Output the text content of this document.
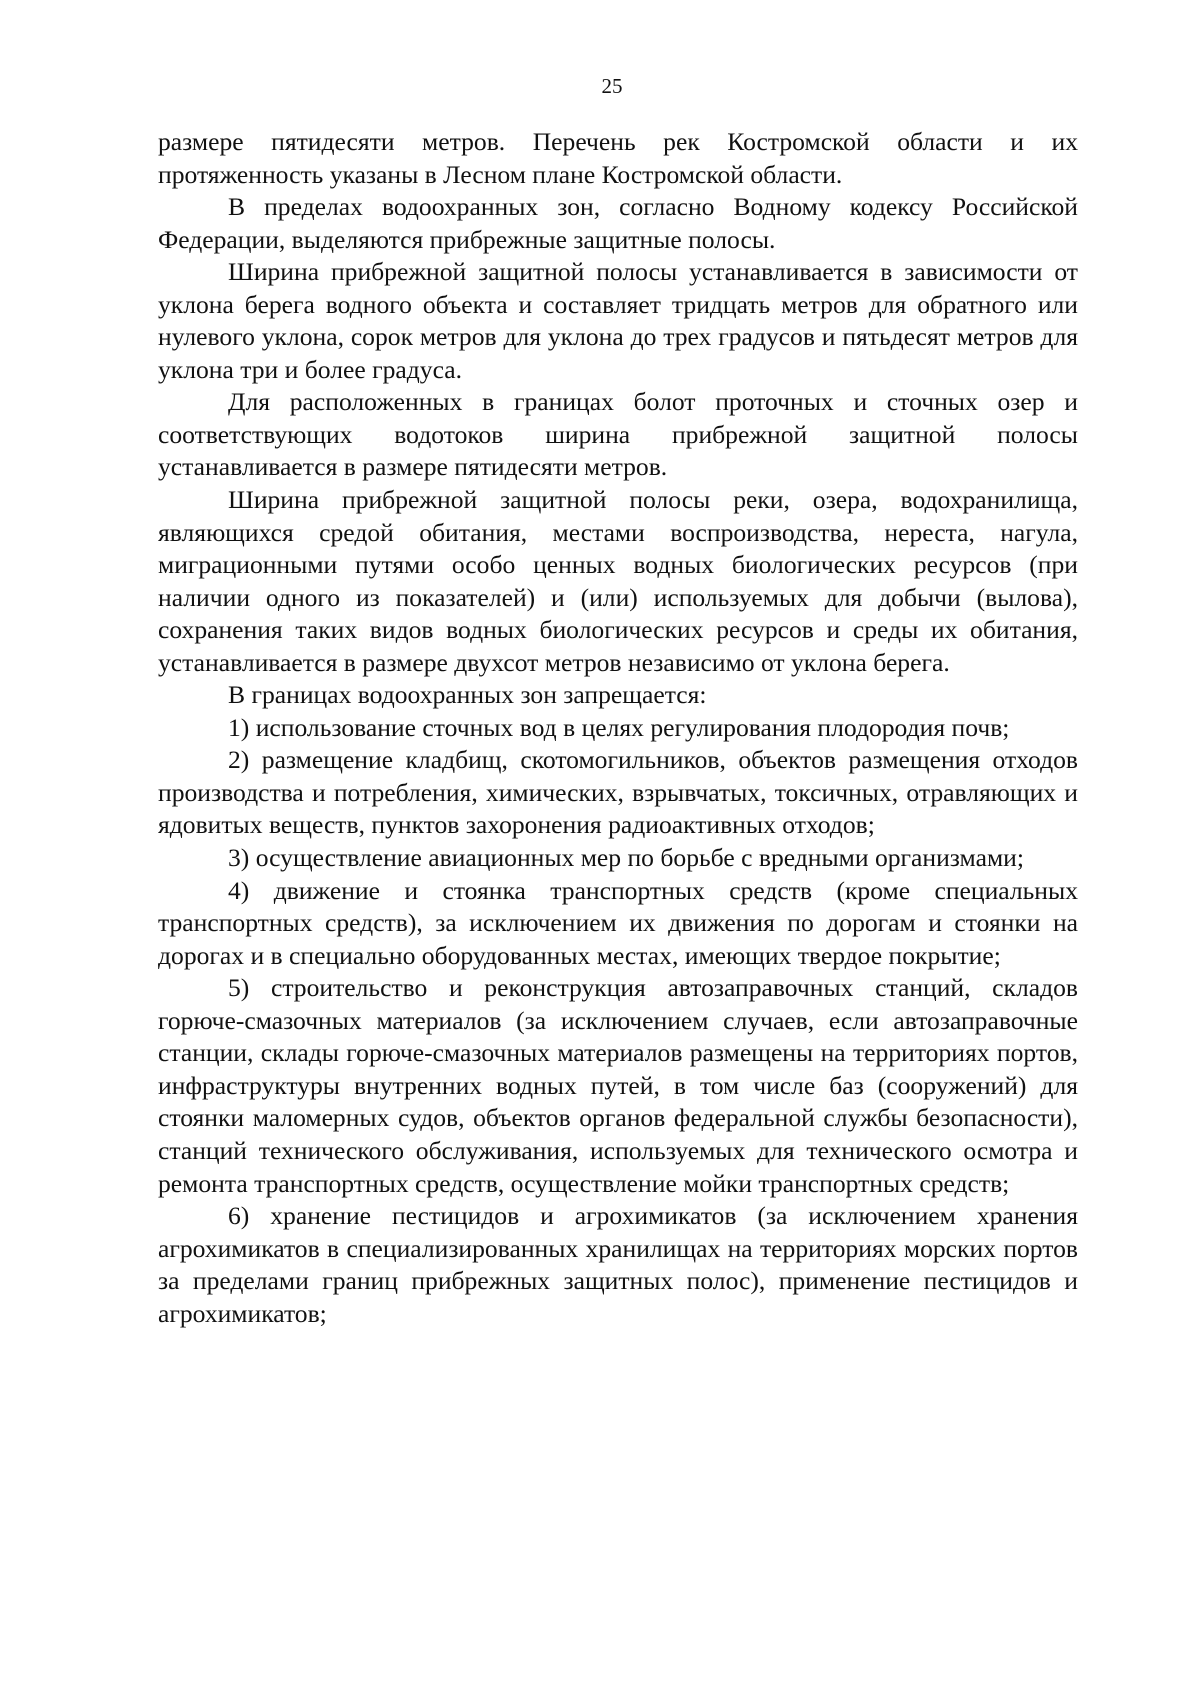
25

размере пятидесяти метров. Перечень рек Костромской области и их протяженность указаны в Лесном плане Костромской области.

В пределах водоохранных зон, согласно Водному кодексу Российской Федерации, выделяются прибрежные защитные полосы.

Ширина прибрежной защитной полосы устанавливается в зависимости от уклона берега водного объекта и составляет тридцать метров для обратного или нулевого уклона, сорок метров для уклона до трех градусов и пятьдесят метров для уклона три и более градуса.

Для расположенных в границах болот проточных и сточных озер и соответствующих водотоков ширина прибрежной защитной полосы устанавливается в размере пятидесяти метров.

Ширина прибрежной защитной полосы реки, озера, водохранилища, являющихся средой обитания, местами воспроизводства, нереста, нагула, миграционными путями особо ценных водных биологических ресурсов (при наличии одного из показателей) и (или) используемых для добычи (вылова), сохранения таких видов водных биологических ресурсов и среды их обитания, устанавливается в размере двухсот метров независимо от уклона берега.

В границах водоохранных зон запрещается:

1) использование сточных вод в целях регулирования плодородия почв;

2) размещение кладбищ, скотомогильников, объектов размещения отходов производства и потребления, химических, взрывчатых, токсичных, отравляющих и ядовитых веществ, пунктов захоронения радиоактивных отходов;

3) осуществление авиационных мер по борьбе с вредными организмами;

4) движение и стоянка транспортных средств (кроме специальных транспортных средств), за исключением их движения по дорогам и стоянки на дорогах и в специально оборудованных местах, имеющих твердое покрытие;

5) строительство и реконструкция автозаправочных станций, складов горюче-смазочных материалов (за исключением случаев, если автозаправочные станции, склады горюче-смазочных материалов размещены на территориях портов, инфраструктуры внутренних водных путей, в том числе баз (сооружений) для стоянки маломерных судов, объектов органов федеральной службы безопасности), станций технического обслуживания, используемых для технического осмотра и ремонта транспортных средств, осуществление мойки транспортных средств;

6) хранение пестицидов и агрохимикатов (за исключением хранения агрохимикатов в специализированных хранилищах на территориях морских портов за пределами границ прибрежных защитных полос), применение пестицидов и агрохимикатов;
